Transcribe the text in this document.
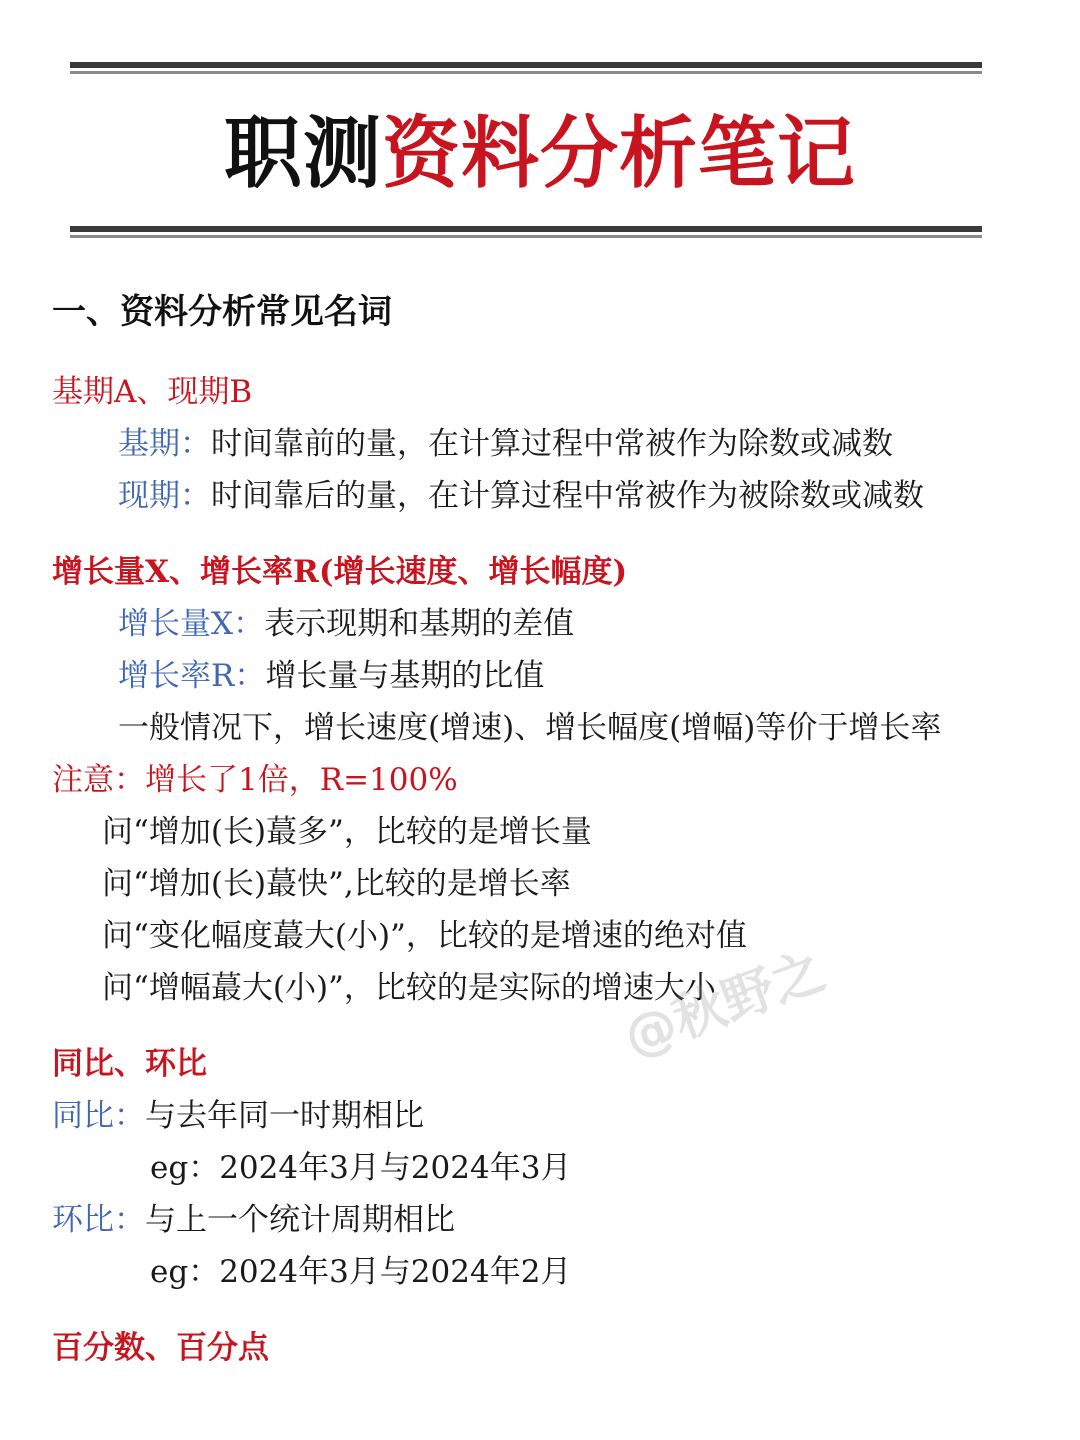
职测资料分析笔记
一、资料分析常见名词
基期A、现期B
基期：时间靠前的量，在计算过程中常被作为除数或减数
现期：时间靠后的量，在计算过程中常被作为被除数或减数
增长量X、增长率R(增长速度、增长幅度)
增长量X：表示现期和基期的差值
增长率R：增长量与基期的比值
一般情况下，增长速度(增速)、增长幅度(增幅)等价于增长率
注意：增长了1倍，R=100%
问“增加(长)蕞多”，比较的是增长量
问“增加(长)蕞快”,比较的是增长率
问“变化幅度蕞大(小)”，比较的是增速的绝对值
问“增幅蕞大(小)”，比较的是实际的增速大小
同比、环比
同比：与去年同一时期相比
eg：2024年3月与2024年3月
环比：与上一个统计周期相比
eg：2024年3月与2024年2月
百分数、百分点
@秋野之
